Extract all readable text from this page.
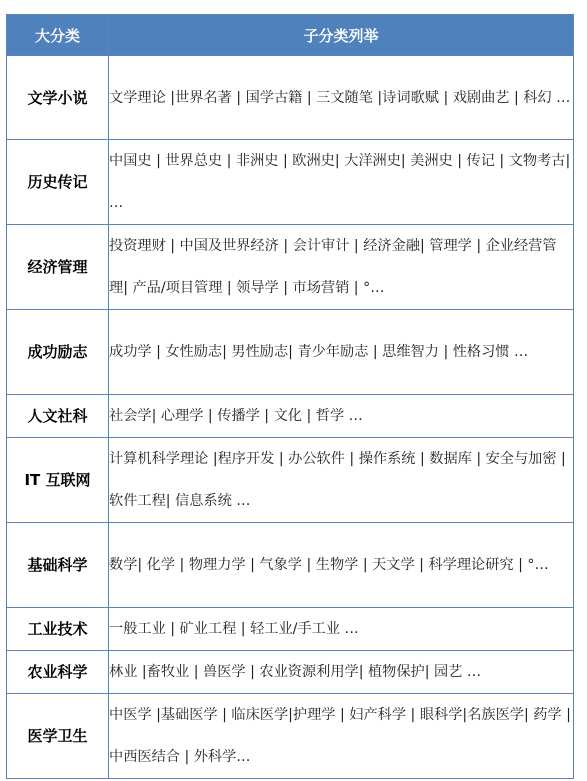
大分类	子分类列举
文学小说	文学理论 |世界名著 | 国学古籍 | 三文随笔 |诗词歌赋 | 戏剧曲艺 | 科幻 …
历史传记	中国史 | 世界总史 | 非洲史 | 欧洲史| 大洋洲史| 美洲史 | 传记 | 文物考古| …
经济管理	投资理财 | 中国及世界经济 | 会计审计 | 经济金融| 管理学 | 企业经营管理| 产品/项目管理 | 领导学 | 市场营销 | °…
成功励志	成功学 | 女性励志| 男性励志| 青少年励志 | 思维智力 | 性格习惯 …
人文社科	社会学| 心理学 | 传播学 | 文化 | 哲学 …
IT 互联网	计算机科学理论 |程序开发 | 办公软件 | 操作系统 | 数据库 | 安全与加密 | 软件工程| 信息系统 …
基础科学	数学| 化学 | 物理力学 | 气象学 | 生物学 | 天文学 | 科学理论研究 | °…
工业技术	一般工业 | 矿业工程 | 轻工业/手工业 …
农业科学	林业 |畜牧业 | 兽医学 | 农业资源利用学| 植物保护| 园艺 …
医学卫生	中医学 |基础医学 | 临床医学|护理学 | 妇产科学 | 眼科学|名族医学| 药学 | 中西医结合 | 外科学…
